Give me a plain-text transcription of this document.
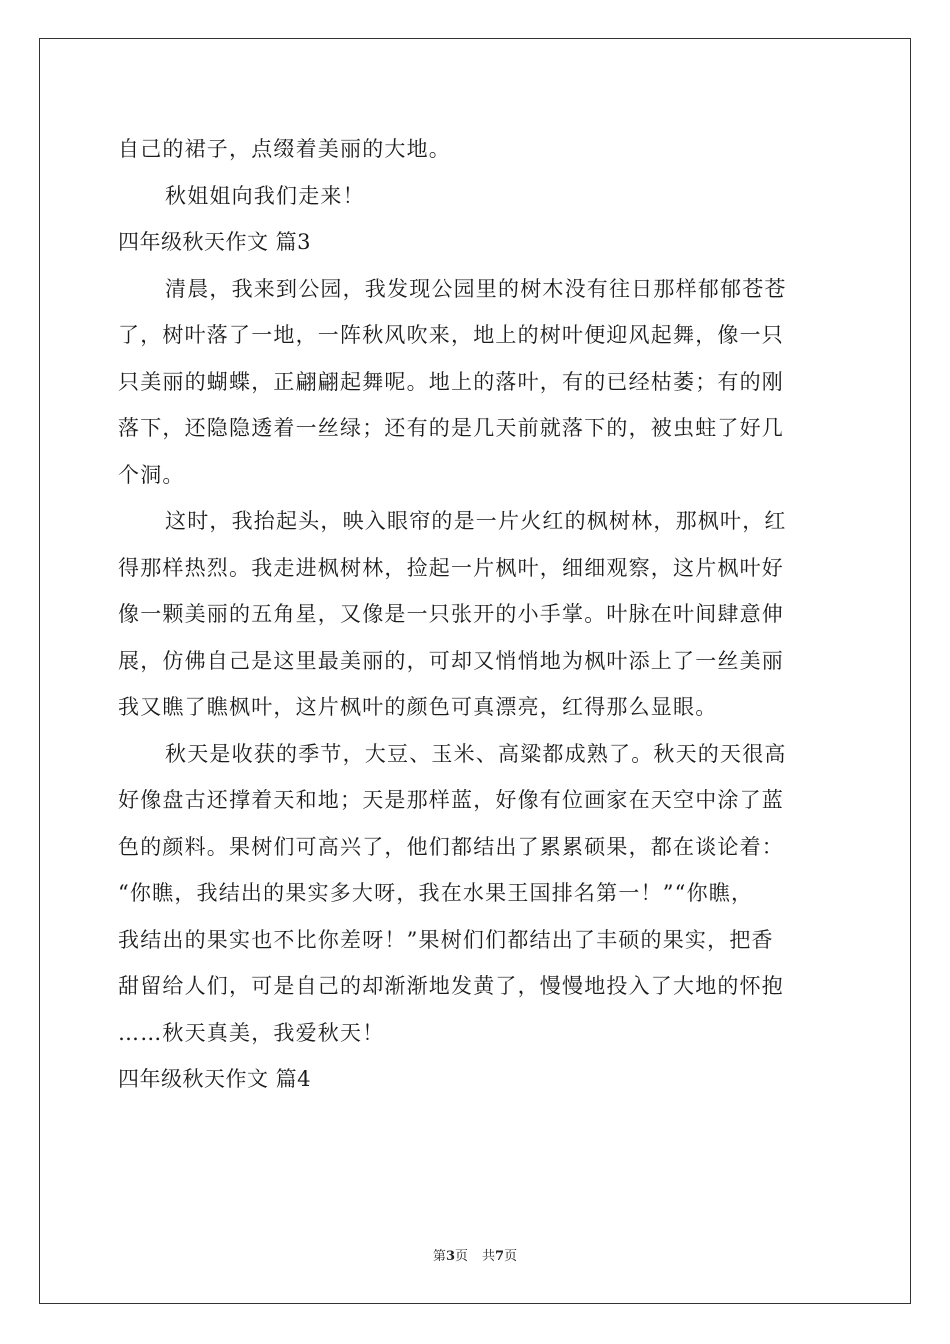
自己的裙子，点缀着美丽的大地。
秋姐姐向我们走来！
四年级秋天作文 篇3
清晨，我来到公园，我发现公园里的树木没有往日那样郁郁苍苍
了，树叶落了一地，一阵秋风吹来，地上的树叶便迎风起舞，像一只
只美丽的蝴蝶，正翩翩起舞呢。地上的落叶，有的已经枯萎；有的刚
落下，还隐隐透着一丝绿；还有的是几天前就落下的，被虫蛀了好几
个洞。
这时，我抬起头，映入眼帘的是一片火红的枫树林，那枫叶，红
得那样热烈。我走进枫树林，捡起一片枫叶，细细观察，这片枫叶好
像一颗美丽的五角星，又像是一只张开的小手掌。叶脉在叶间肆意伸
展，仿佛自己是这里最美丽的，可却又悄悄地为枫叶添上了一丝美丽
我又瞧了瞧枫叶，这片枫叶的颜色可真漂亮，红得那么显眼。
秋天是收获的季节，大豆、玉米、高粱都成熟了。秋天的天很高
好像盘古还撑着天和地；天是那样蓝，好像有位画家在天空中涂了蓝
色的颜料。果树们可高兴了，他们都结出了累累硕果，都在谈论着：
“你瞧，我结出的果实多大呀，我在水果王国排名第一！”“你瞧，
我结出的果实也不比你差呀！”果树们们都结出了丰硕的果实，把香
甜留给人们，可是自己的却渐渐地发黄了，慢慢地投入了大地的怀抱
……秋天真美，我爱秋天！
四年级秋天作文 篇4
第3页 共7页
